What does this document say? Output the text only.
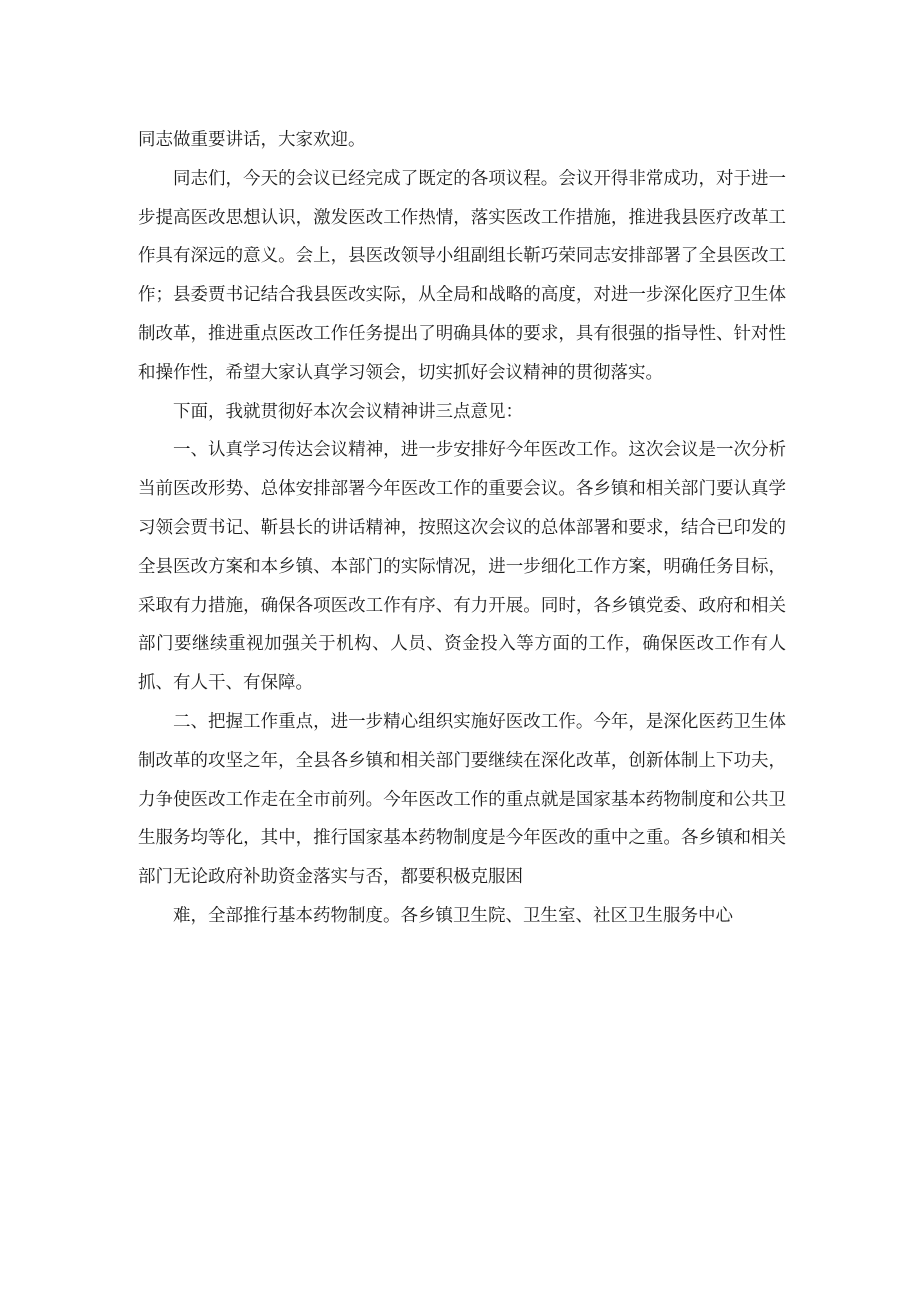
同志做重要讲话，大家欢迎。

同志们，今天的会议已经完成了既定的各项议程。会议开得非常成功，对于进一步提高医改思想认识，激发医改工作热情，落实医改工作措施，推进我县医疗改革工作具有深远的意义。会上，县医改领导小组副组长靳巧荣同志安排部署了全县医改工作；县委贾书记结合我县医改实际，从全局和战略的高度，对进一步深化医疗卫生体制改革，推进重点医改工作任务提出了明确具体的要求，具有很强的指导性、针对性和操作性，希望大家认真学习领会，切实抓好会议精神的贯彻落实。

下面，我就贯彻好本次会议精神讲三点意见：

一、认真学习传达会议精神，进一步安排好今年医改工作。这次会议是一次分析当前医改形势、总体安排部署今年医改工作的重要会议。各乡镇和相关部门要认真学习领会贾书记、靳县长的讲话精神，按照这次会议的总体部署和要求，结合已印发的全县医改方案和本乡镇、本部门的实际情况，进一步细化工作方案，明确任务目标，采取有力措施，确保各项医改工作有序、有力开展。同时，各乡镇党委、政府和相关部门要继续重视加强关于机构、人员、资金投入等方面的工作，确保医改工作有人抓、有人干、有保障。

二、把握工作重点，进一步精心组织实施好医改工作。今年，是深化医药卫生体制改革的攻坚之年，全县各乡镇和相关部门要继续在深化改革，创新体制上下功夫，力争使医改工作走在全市前列。今年医改工作的重点就是国家基本药物制度和公共卫生服务均等化，其中，推行国家基本药物制度是今年医改的重中之重。各乡镇和相关部门无论政府补助资金落实与否，都要积极克服困

难，全部推行基本药物制度。各乡镇卫生院、卫生室、社区卫生服务中心
